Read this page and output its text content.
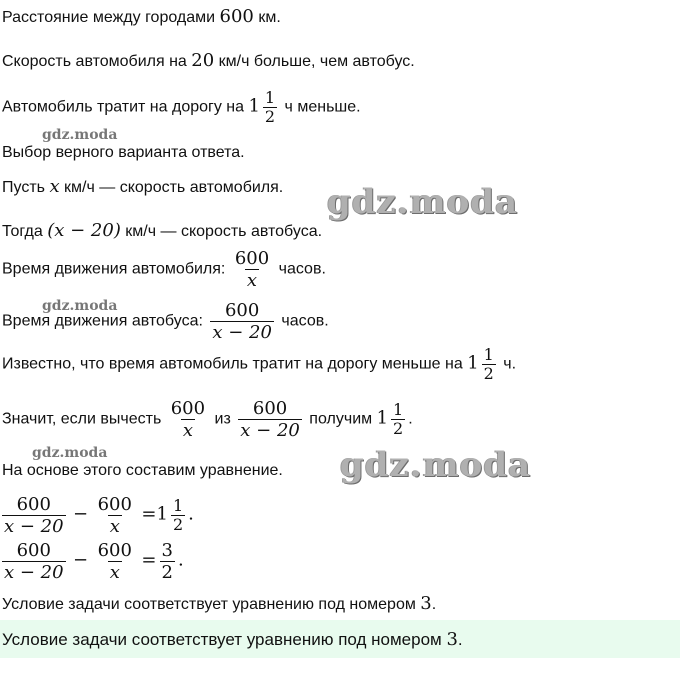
Расстояние между городами 600 км.
Скорость автомобиля на 20 км/ч больше, чем автобус.
Автомобиль тратит на дорогу на $1 \frac{1}{2}$ ч меньше.
gdz.moda
Выбор верного варианта ответа.
Пусть x км/ч — скорость автомобиля. gdz.moda
Тогда (x − 20) км/ч — скорость автобуса.
Время движения автомобиля: $\frac{600}{x}$ часов.
gdz.moda
Время движения автобуса: $\frac{600}{x - 20}$ часов.
Известно, что время автомобиль тратит на дорогу меньше на $1 \frac{1}{2} ч$.
Значит, если вычесть $\frac{600}{x}$ из $\frac{600}{x - 20}$ получим $1 \frac{1}{2}$ .
gdz.moda	gdz.moda
На основе этого составим уравнение.
$\frac{600}{x - 20} - \frac{600}{x} =1 \frac{1}{2}$ .
$\frac{600}{x - 20} - \frac{600}{x} = \frac{3}{2}$ .
Условие задачи соответствует уравнению под номером 3.
Условие задачи соответствует уравнению под номером 3.
